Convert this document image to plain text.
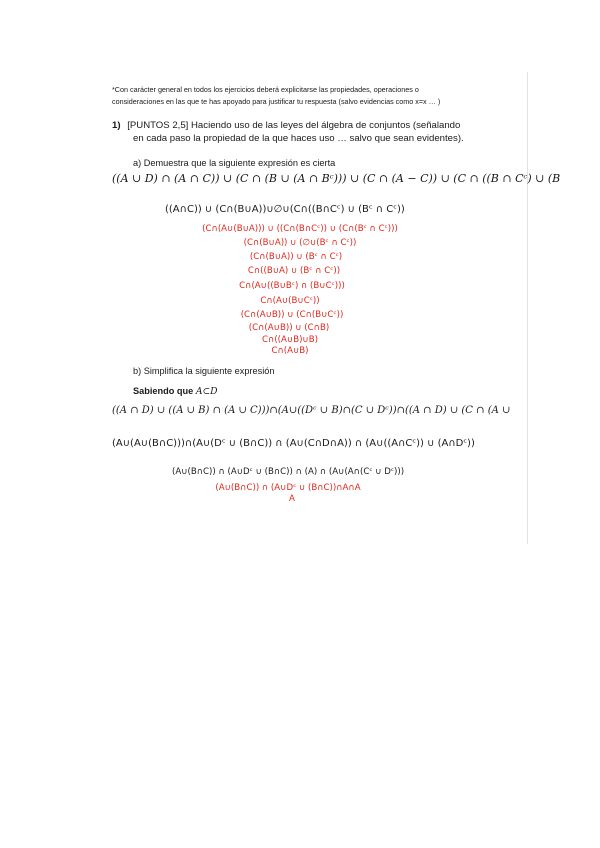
*Con carácter general en todos los ejercicios deberá explicitarse las propiedades, operaciones o
consideraciones en las que te has apoyado para justificar tu respuesta (salvo evidencias como x=x … )
1) [PUNTOS 2,5] Haciendo uso de las leyes del álgebra de conjuntos (señalando
en cada paso la propiedad de la que haces uso … salvo que sean evidentes).
a) Demuestra que la siguiente expresión es cierta
((A ∪ D) ∩ (A ∩ C)) ∪ (C ∩ (B ∪ (A ∩ Bᶜ))) ∪ (C ∩ (A − C)) ∪ (C ∩ ((B ∩ Cᶜ) ∪ (B
((A∩C)) ∪ (C∩(B∪A))∪∅∪(C∩((B∩Cᶜ) ∪ (Bᶜ ∩ Cᶜ))
(C∩(A∪(B∪A))) ∪ ((C∩(B∩Cᶜ)) ∪ (C∩(Bᶜ ∩ Cᶜ)))
(C∩(B∪A)) ∪ (∅∪(Bᶜ ∩ Cᶜ))
(C∩(B∪A)) ∪ (Bᶜ ∩ Cᶜ)
C∩((B∪A) ∪ (Bᶜ ∩ Cᶜ))
C∩(A∪((B∪Bᶜ) ∩ (B∪Cᶜ)))
C∩(A∪(B∪Cᶜ))
(C∩(A∪B)) ∪ (C∩(B∪Cᶜ))
(C∩(A∪B)) ∪ (C∩B)
C∩((A∪B)∪B)
C∩(A∪B)
b) Simplifica la siguiente expresión
Sabiendo que A⊂D
((A ∩ D) ∪ ((A ∪ B) ∩ (A ∪ C)))∩(A∪((Dᶜ ∪ B)∩(C ∪ Dᶜ))∩((A ∩ D) ∪ (C ∩ (A ∪
(A∪(A∪(B∩C)))∩(A∪(Dᶜ ∪ (B∩C)) ∩ (A∪(C∩D∩A)) ∩ (A∪((A∩Cᶜ)) ∪ (A∩Dᶜ))
(A∪(B∩C)) ∩ (A∪Dᶜ ∪ (B∩C)) ∩ (A) ∩ (A∪(A∩(Cᶜ ∪ Dᶜ)))
(A∪(B∩C)) ∩ (A∪Dᶜ ∪ (B∩C))∩A∩A
A
